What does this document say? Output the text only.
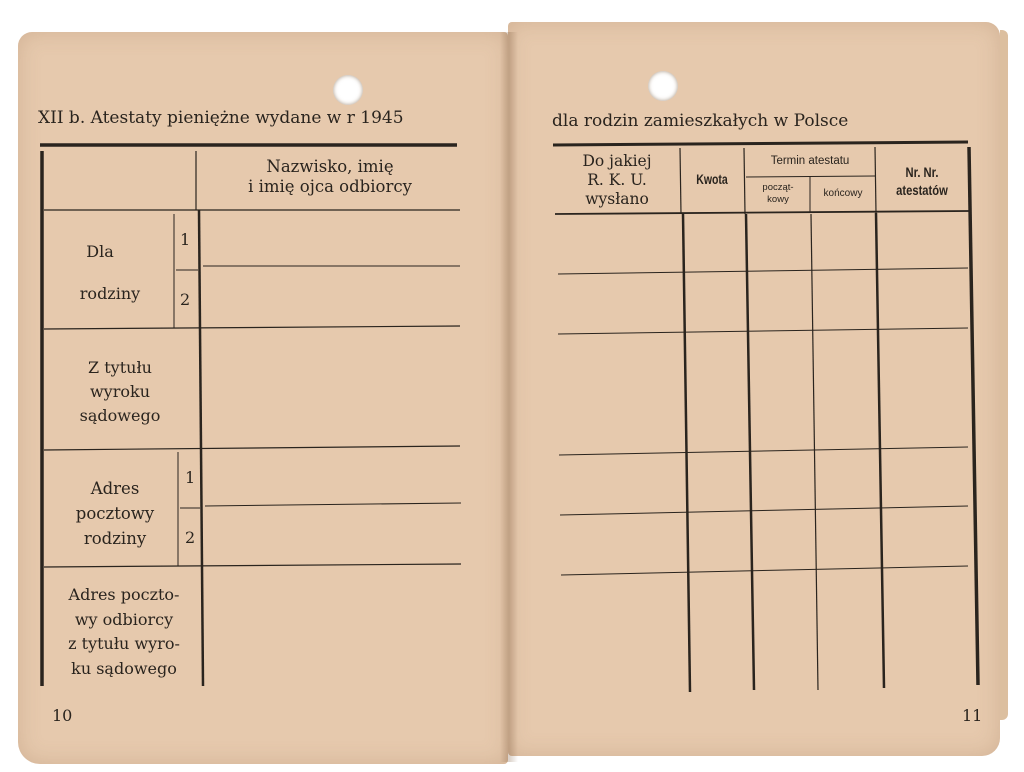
XII b. Atestaty pieniężne wydane w r 1945
Nazwisko, imię
i imię ojca odbiorcy
Dla
rodziny
1
2
Z tytułu
wyroku
sądowego
Adres
pocztowy
rodziny
1
2
Adres poczto-
wy odbiorcy
z tytułu wyro-
ku sądowego
10
dla rodzin zamieszkałych w Polsce
Do jakiej
R. K. U.
wysłano
Kwota
Termin atestatu
począt-
kowy
końcowy
Nr. Nr.
atestatów
11
